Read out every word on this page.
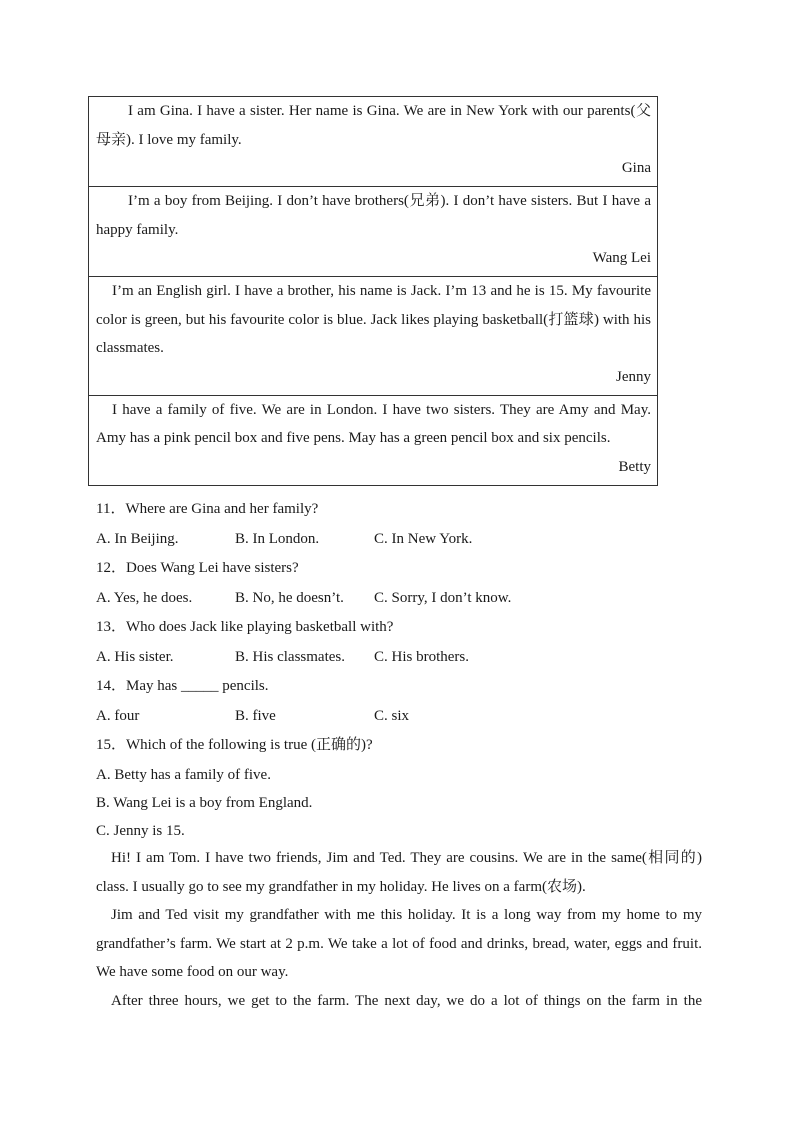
I am Gina. I have a sister. Her name is Gina. We are in New York with our parents(父母亲). I love my family.
Gina

I’m a boy from Beijing. I don’t have brothers(兄弟). I don’t have sisters. But I have a happy family.
Wang Lei

I’m an English girl. I have a brother, his name is Jack. I’m 13 and he is 15. My favourite color is green, but his favourite color is blue. Jack likes playing basketball(打篮球) with his classmates.
Jenny

I have a family of five. We are in London. I have two sisters. They are Amy and May. Amy has a pink pencil box and five pens. May has a green pencil box and six pencils.
Betty
11．Where are Gina and her family?
A. In Beijing.	B. In London.	C. In New York.
12．Does Wang Lei have sisters?
A. Yes, he does.	B. No, he doesn’t.	C. Sorry, I don’t know.
13．Who does Jack like playing basketball with?
A. His sister.	B. His classmates.	C. His brothers.
14．May has _____ pencils.
A. four	B. five	C. six
15．Which of the following is true (正确的)?
A. Betty has a family of five.
B. Wang Lei is a boy from England.
C. Jenny is 15.

Hi! I am Tom. I have two friends, Jim and Ted. They are cousins. We are in the same(相同的) class. I usually go to see my grandfather in my holiday. He lives on a farm(农场).

Jim and Ted visit my grandfather with me this holiday. It is a long way from my home to my grandfather’s farm. We start at 2 p.m. We take a lot of food and drinks, bread, water, eggs and fruit. We have some food on our way.

After three hours, we get to the farm. The next day, we do a lot of things on the farm in the
